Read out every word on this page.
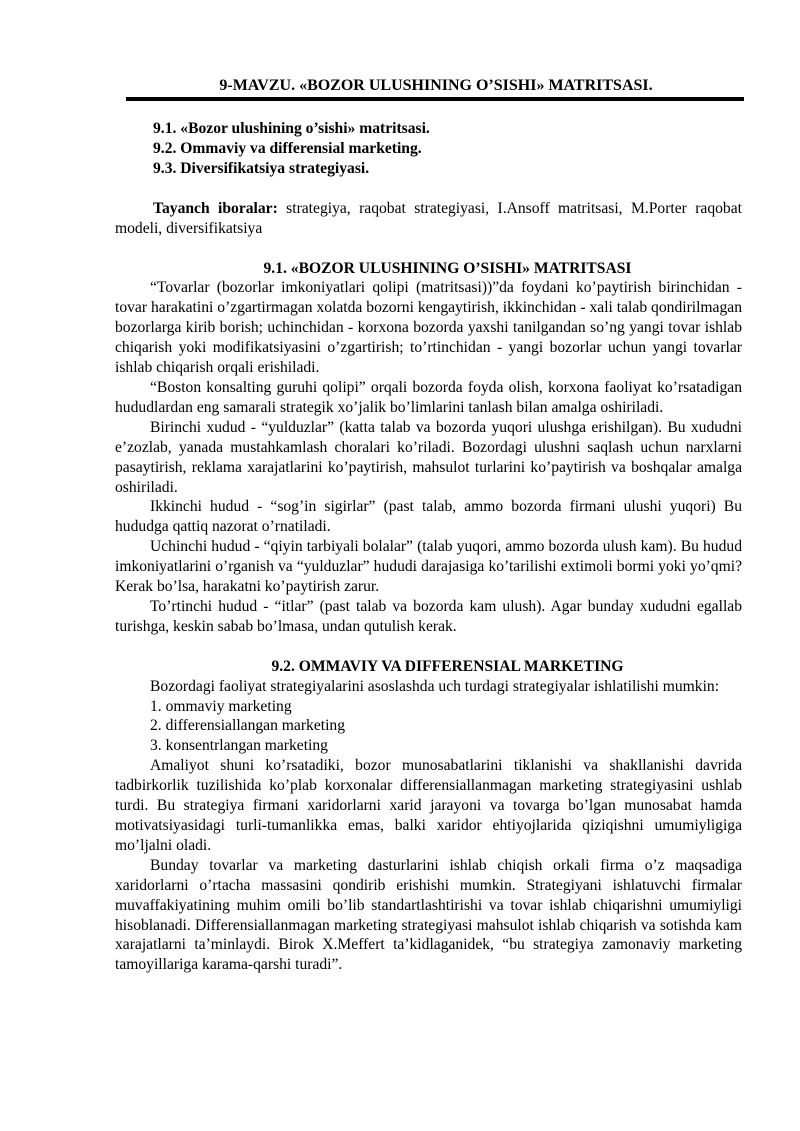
9-MAVZU. «BOZOR ULUSHINING O’SISHI» MATRITSASI.
9.1. «Bozor ulushining o’sishi» matritsasi.
9.2. Ommaviy va differensial marketing.
9.3. Diversifikatsiya strategiyasi.

Tayanch iboralar: strategiya, raqobat strategiyasi, I.Ansoff matritsasi, M.Porter raqobat modeli, diversifikatsiya

9.1. «BOZOR ULUSHINING O’SISHI» MATRITSASI

“Tovarlar (bozorlar imkoniyatlari qolipi (matritsasi))”da foydani ko’paytirish birinchidan -tovar harakatini o’zgartirmagan xolatda bozorni kengaytirish, ikkinchidan - xali talab qondirilmagan bozorlarga kirib borish; uchinchidan - korxona bozorda yaxshi tanilgandan so’ng yangi tovar ishlab chiqarish yoki modifikatsiyasini o’zgartirish; to’rtinchidan - yangi bozorlar uchun yangi tovarlar ishlab chiqarish orqali erishiladi.

“Boston konsalting guruhi qolipi” orqali bozorda foyda olish, korxona faoliyat ko’rsatadigan hududlardan eng samarali strategik xo’jalik bo’limlarini tanlash bilan amalga oshiriladi.

Birinchi xudud - “yulduzlar” (katta talab va bozorda yuqori ulushga erishilgan). Bu xududni e’zozlab, yanada mustahkamlash choralari ko’riladi. Bozordagi ulushni saqlash uchun narxlarni pasaytirish, reklama xarajatlarini ko’paytirish, mahsulot turlarini ko’paytirish va boshqalar amalga oshiriladi.

Ikkinchi hudud - “sog’in sigirlar” (past talab, ammo bozorda firmani ulushi yuqori) Bu hududga qattiq nazorat o’rnatiladi.

Uchinchi hudud - “qiyin tarbiyali bolalar” (talab yuqori, ammo bozorda ulush kam). Bu hudud imkoniyatlarini o’rganish va “yulduzlar” hududi darajasiga ko’tarilishi extimoli bormi yoki yo’qmi? Kerak bo’lsa, harakatni ko’paytirish zarur.

To’rtinchi hudud - “itlar” (past talab va bozorda kam ulush). Agar bunday xududni egallab turishga, keskin sabab bo’lmasa, undan qutulish kerak.

9.2. OMMAVIY VA DIFFERENSIAL MARKETING

Bozordagi faoliyat strategiyalarini asoslashda uch turdagi strategiyalar ishlatilishi mumkin:

1. ommaviy marketing
2. differensiallangan marketing
3. konsentrlangan marketing

Amaliyot shuni ko’rsatadiki, bozor munosabatlarini tiklanishi va shakllanishi davrida tadbirkorlik tuzilishida ko’plab korxonalar differensiallanmagan marketing strategiyasini ushlab turdi. Bu strategiya firmani xaridorlarni xarid jarayoni va tovarga bo’lgan munosabat hamda motivatsiyasidagi turli-tumanlikka emas, balki xaridor ehtiyojlarida qiziqishni umumiyligiga mo’ljalni oladi.

Bunday tovarlar va marketing dasturlarini ishlab chiqish orkali firma o’z maqsadiga xaridorlarni o’rtacha massasini qondirib erishishi mumkin. Strategiyani ishlatuvchi firmalar muvaffakiyatining muhim omili bo’lib standartlashtirishi va tovar ishlab chiqarishni umumiyligi hisoblanadi. Differensiallanmagan marketing strategiyasi mahsulot ishlab chiqarish va sotishda kam xarajatlarni ta’minlaydi. Birok X.Meffert ta’kidlaganidek, “bu strategiya zamonaviy marketing tamoyillariga karama-qarshi turadi”.
